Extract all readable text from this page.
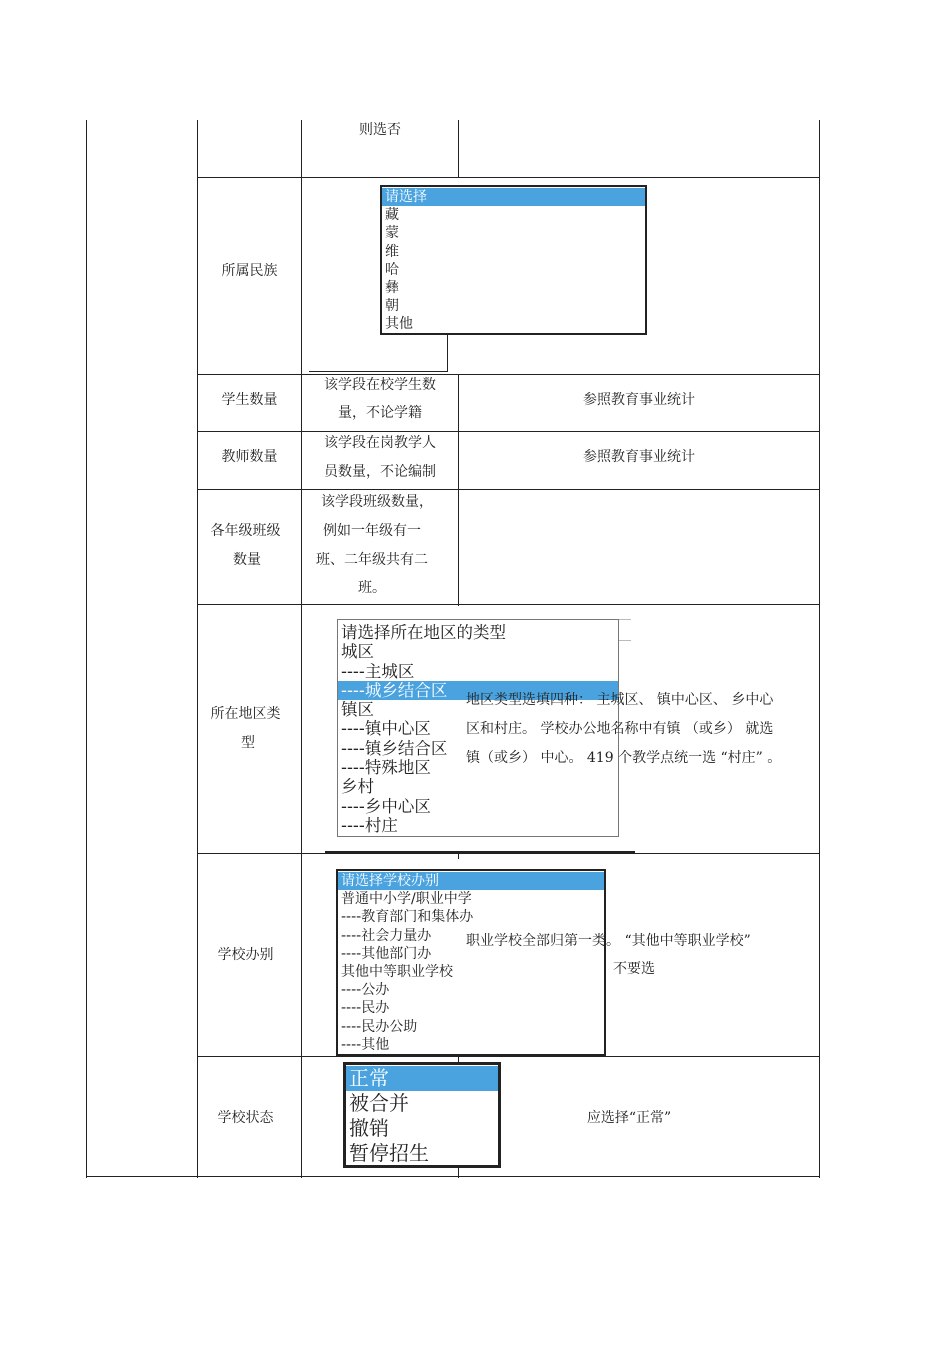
则选否
所属民族
请选择
藏
蒙
维
哈
彝
朝
其他
学生数量
该学段在校学生数
量，不论学籍
参照教育事业统计
教师数量
该学段在岗教学人
员数量，不论编制
参照教育事业统计
各年级班级
数量
该学段班级数量，
例如一年级有一
班、二年级共有二
班。
所在地区类
型
请选择所在地区的类型
城区
----主城区
----城乡结合区
镇区
----镇中心区
----镇乡结合区
----特殊地区
乡村
----乡中心区
----村庄
地区类型选填四种： 主城区、 镇中心区、 乡中心
区和村庄。 学校办公地名称中有镇 （或乡） 就选
镇（或乡） 中心。 419 个教学点统一选 “村庄” 。
学校办别
请选择学校办别
普通中小学/职业中学
----教育部门和集体办
----社会力量办
----其他部门办
其他中等职业学校
----公办
----民办
----民办公助
----其他
职业学校全部归第一类。 “其他中等职业学校”
不要选
学校状态
正常
被合并
撤销
暂停招生
应选择“正常”
